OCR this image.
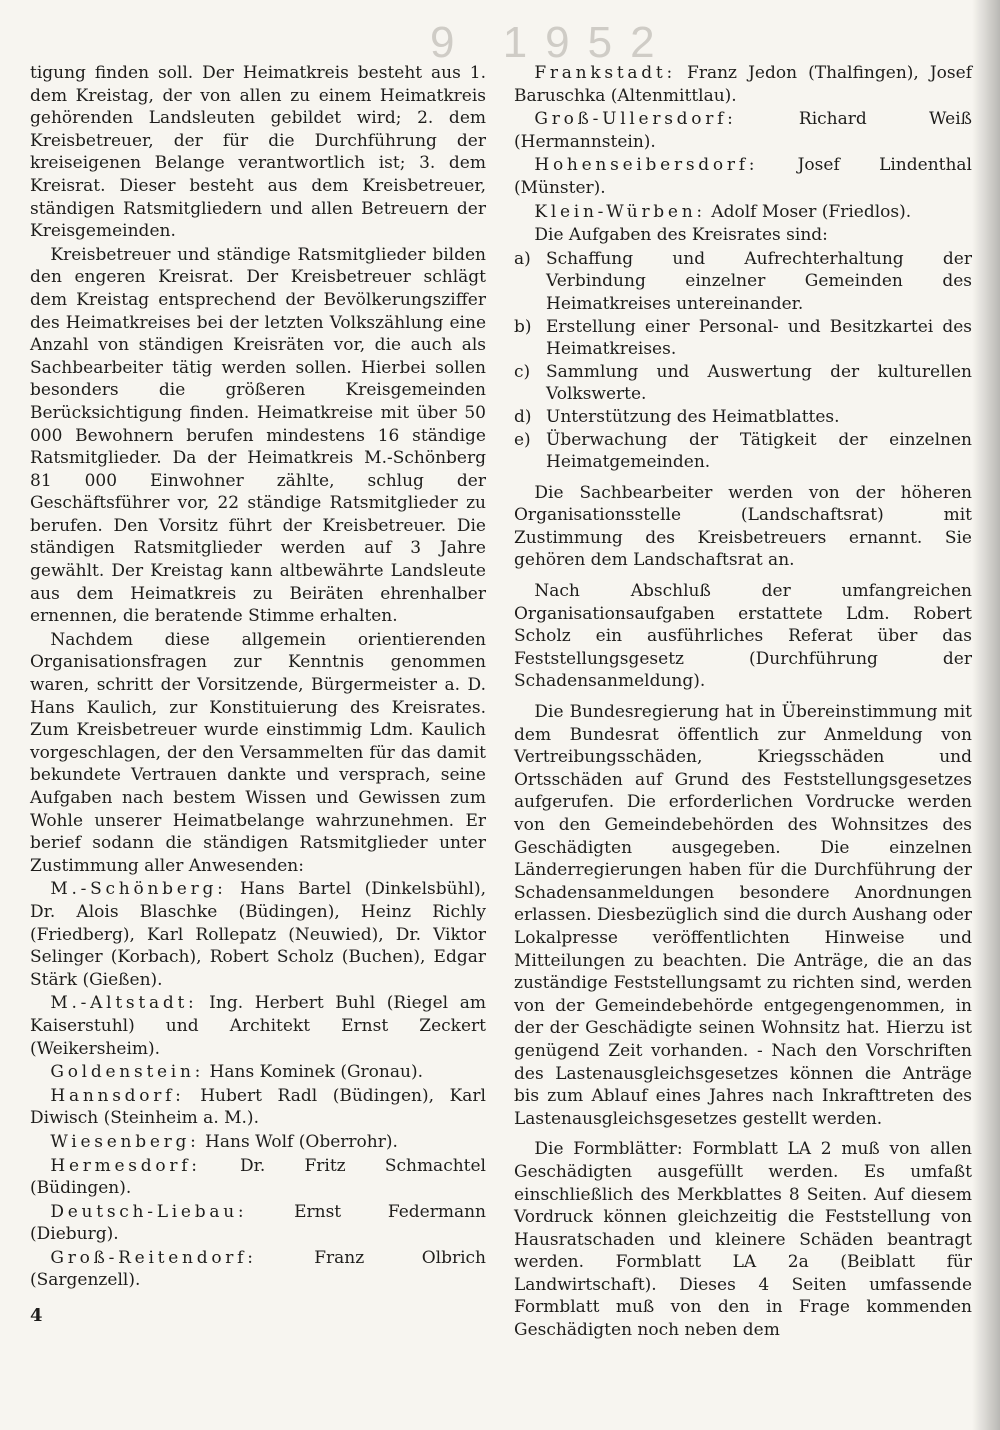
9 1952

tigung finden soll. Der Heimatkreis besteht aus 1. dem Kreistag, der von allen zu einem Heimatkreis gehörenden Landsleuten gebildet wird; 2. dem Kreisbetreuer, der für die Durchführung der kreiseigenen Belange verantwortlich ist; 3. dem Kreisrat. Dieser besteht aus dem Kreisbetreuer, ständigen Ratsmitgliedern und allen Betreuern der Kreisgemeinden.

Kreisbetreuer und ständige Ratsmitglieder bilden den engeren Kreisrat. Der Kreisbetreuer schlägt dem Kreistag entsprechend der Bevölkerungsziffer des Heimatkreises bei der letzten Volkszählung eine Anzahl von ständigen Kreisräten vor, die auch als Sachbearbeiter tätig werden sollen. Hierbei sollen besonders die größeren Kreisgemeinden Berücksichtigung finden. Heimatkreise mit über 50 000 Bewohnern berufen mindestens 16 ständige Ratsmitglieder. Da der Heimatkreis M.-Schönberg 81 000 Einwohner zählte, schlug der Geschäftsführer vor, 22 ständige Ratsmitglieder zu berufen. Den Vorsitz führt der Kreisbetreuer. Die ständigen Ratsmitglieder werden auf 3 Jahre gewählt. Der Kreistag kann altbewährte Landsleute aus dem Heimatkreis zu Beiräten ehrenhalber ernennen, die beratende Stimme erhalten.

Nachdem diese allgemein orientierenden Organisationsfragen zur Kenntnis genommen waren, schritt der Vorsitzende, Bürgermeister a. D. Hans Kaulich, zur Konstituierung des Kreisrates. Zum Kreisbetreuer wurde einstimmig Ldm. Kaulich vorgeschlagen, der den Versammelten für das damit bekundete Vertrauen dankte und versprach, seine Aufgaben nach bestem Wissen und Gewissen zum Wohle unserer Heimatbelange wahrzunehmen. Er berief sodann die ständigen Ratsmitglieder unter Zustimmung aller Anwesenden:

M.-Schönberg: Hans Bartel (Dinkelsbühl), Dr. Alois Blaschke (Büdingen), Heinz Richly (Friedberg), Karl Rollepatz (Neuwied), Dr. Viktor Selinger (Korbach), Robert Scholz (Buchen), Edgar Stärk (Gießen).

M.-Altstadt: Ing. Herbert Buhl (Riegel am Kaiserstuhl) und Architekt Ernst Zeckert (Weikersheim).

Goldenstein: Hans Kominek (Gronau).

Hannsdorf: Hubert Radl (Büdingen), Karl Diwisch (Steinheim a. M.).

Wiesenberg: Hans Wolf (Oberrohr).

Hermesdorf: Dr. Fritz Schmachtel (Büdingen).

Deutsch-Liebau: Ernst Federmann (Dieburg).

Groß-Reitendorf: Franz Olbrich (Sargenzell).

Frankstadt: Franz Jedon (Thalfingen), Josef Baruschka (Altenmittlau).

Groß-Ullersdorf: Richard Weiß (Hermannstein).

Hohenseibersdorf: Josef Lindenthal (Münster).

Klein-Würben: Adolf Moser (Friedlos).

Die Aufgaben des Kreisrates sind:

a) Schaffung und Aufrechterhaltung der Verbindung einzelner Gemeinden des Heimatkreises untereinander.
b) Erstellung einer Personal- und Besitzkartei des Heimatkreises.
c) Sammlung und Auswertung der kulturellen Volkswerte.
d) Unterstützung des Heimatblattes.
e) Überwachung der Tätigkeit der einzelnen Heimatgemeinden.

Die Sachbearbeiter werden von der höheren Organisationsstelle (Landschaftsrat) mit Zustimmung des Kreisbetreuers ernannt. Sie gehören dem Landschaftsrat an.

Nach Abschluß der umfangreichen Organisationsaufgaben erstattete Ldm. Robert Scholz ein ausführliches Referat über das Feststellungsgesetz (Durchführung der Schadensanmeldung).

Die Bundesregierung hat in Übereinstimmung mit dem Bundesrat öffentlich zur Anmeldung von Vertreibungsschäden, Kriegsschäden und Ortsschäden auf Grund des Feststellungsgesetzes aufgerufen. Die erforderlichen Vordrucke werden von den Gemeindebehörden des Wohnsitzes des Geschädigten ausgegeben. Die einzelnen Länderregierungen haben für die Durchführung der Schadensanmeldungen besondere Anordnungen erlassen. Diesbezüglich sind die durch Aushang oder Lokalpresse veröffentlichten Hinweise und Mitteilungen zu beachten. Die Anträge, die an das zuständige Feststellungsamt zu richten sind, werden von der Gemeindebehörde entgegengenommen, in der der Geschädigte seinen Wohnsitz hat. Hierzu ist genügend Zeit vorhanden. - Nach den Vorschriften des Lastenausgleichsgesetzes können die Anträge bis zum Ablauf eines Jahres nach Inkrafttreten des Lastenausgleichsgesetzes gestellt werden.

Die Formblätter: Formblatt LA 2 muß von allen Geschädigten ausgefüllt werden. Es umfaßt einschließlich des Merkblattes 8 Seiten. Auf diesem Vordruck können gleichzeitig die Feststellung von Hausratschaden und kleinere Schäden beantragt werden. Formblatt LA 2a (Beiblatt für Landwirtschaft). Dieses 4 Seiten umfassende Formblatt muß von den in Frage kommenden Geschädigten noch neben dem

4
